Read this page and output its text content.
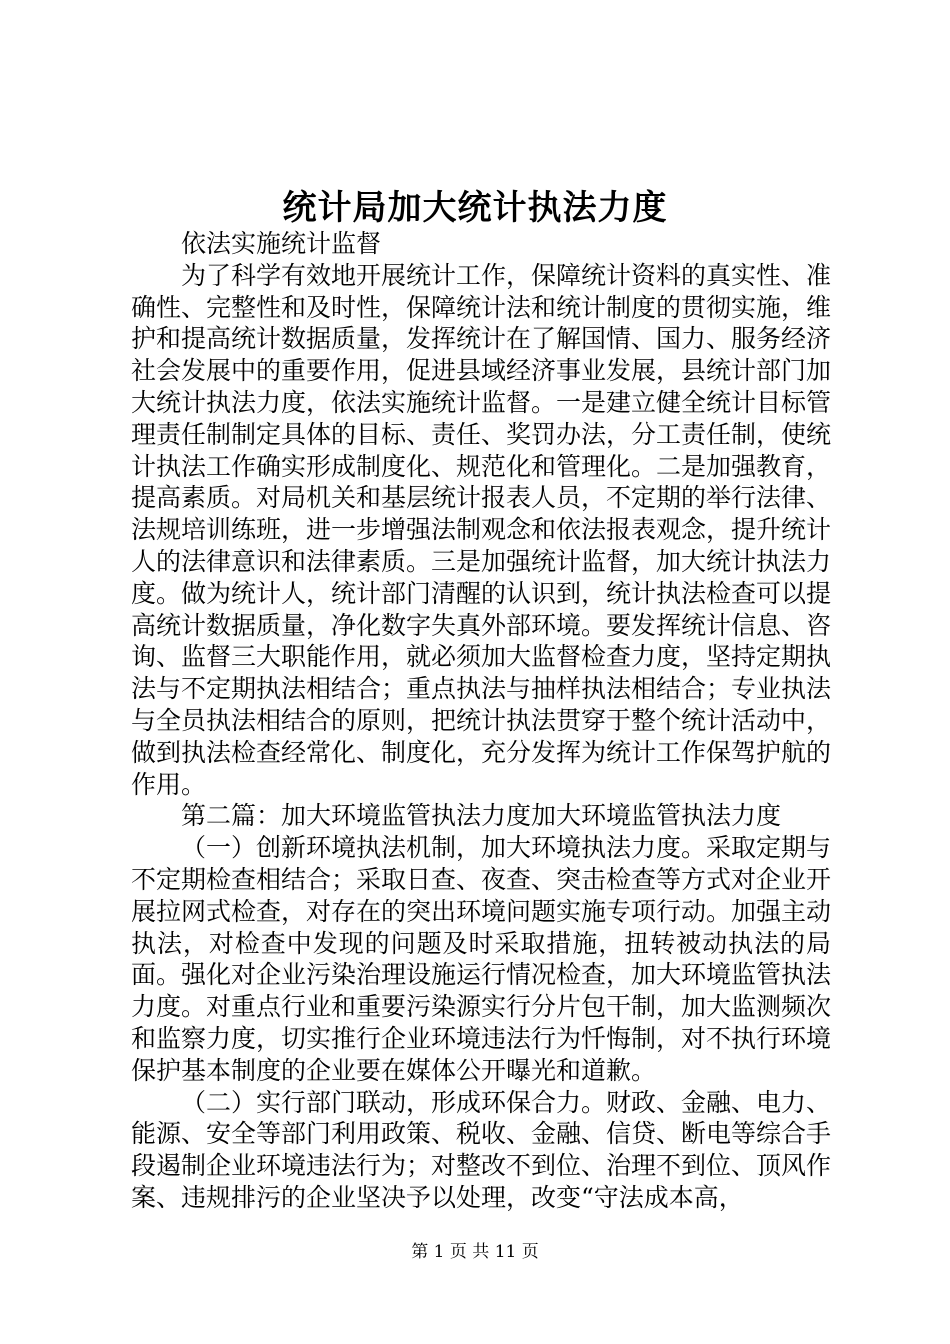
统计局加大统计执法力度

依法实施统计监督

为了科学有效地开展统计工作，保障统计资料的真实性、准确性、完整性和及时性，保障统计法和统计制度的贯彻实施，维护和提高统计数据质量，发挥统计在了解国情、国力、服务经济社会发展中的重要作用，促进县域经济事业发展，县统计部门加大统计执法力度，依法实施统计监督。一是建立健全统计目标管理责任制制定具体的目标、责任、奖罚办法，分工责任制，使统计执法工作确实形成制度化、规范化和管理化。二是加强教育，提高素质。对局机关和基层统计报表人员，不定期的举行法律、法规培训练班，进一步增强法制观念和依法报表观念，提升统计人的法律意识和法律素质。三是加强统计监督，加大统计执法力度。做为统计人，统计部门清醒的认识到，统计执法检查可以提高统计数据质量，净化数字失真外部环境。要发挥统计信息、咨询、监督三大职能作用，就必须加大监督检查力度，坚持定期执法与不定期执法相结合；重点执法与抽样执法相结合；专业执法与全员执法相结合的原则，把统计执法贯穿于整个统计活动中，做到执法检查经常化、制度化，充分发挥为统计工作保驾护航的作用。

第二篇：加大环境监管执法力度加大环境监管执法力度

（一）创新环境执法机制，加大环境执法力度。采取定期与不定期检查相结合；采取日查、夜查、突击检查等方式对企业开展拉网式检查，对存在的突出环境问题实施专项行动。加强主动执法，对检查中发现的问题及时采取措施，扭转被动执法的局面。强化对企业污染治理设施运行情况检查，加大环境监管执法力度。对重点行业和重要污染源实行分片包干制，加大监测频次和监察力度，切实推行企业环境违法行为忏悔制，对不执行环境保护基本制度的企业要在媒体公开曝光和道歉。

（二）实行部门联动，形成环保合力。财政、金融、电力、能源、安全等部门利用政策、税收、金融、信贷、断电等综合手段遏制企业环境违法行为；对整改不到位、治理不到位、顶风作案、违规排污的企业坚决予以处理，改变“守法成本高，

第 1 页 共 11 页
